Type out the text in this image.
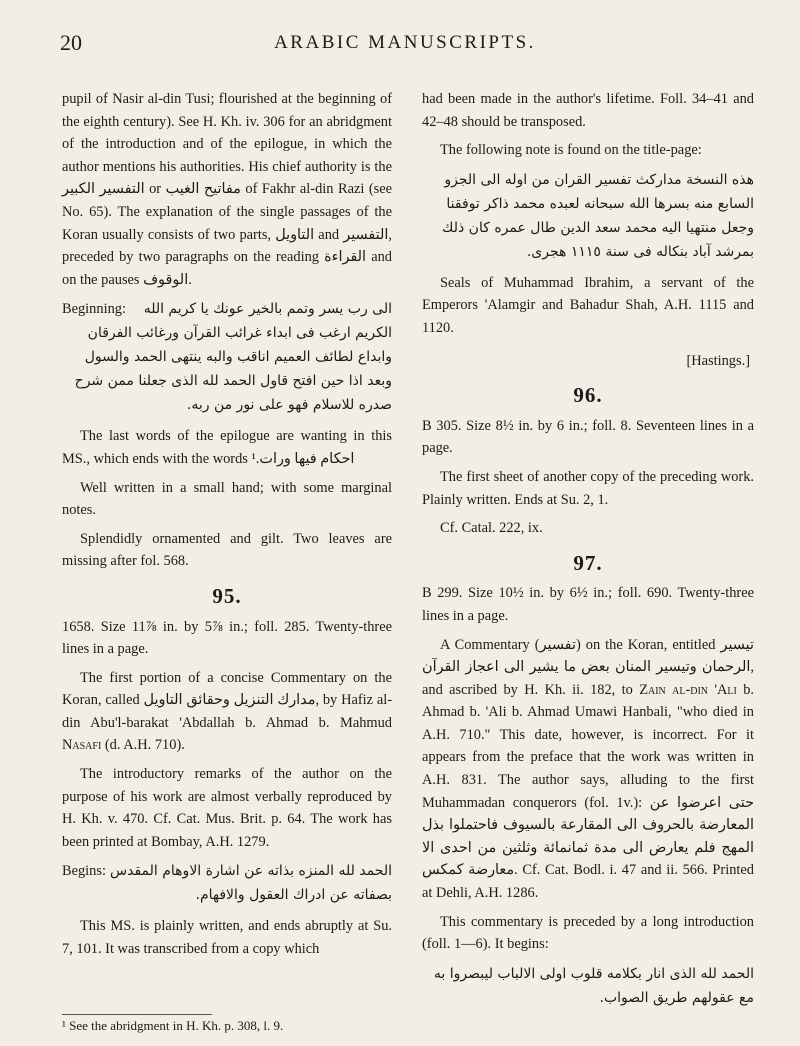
20	ARABIC MANUSCRIPTS.

pupil of Nasir al-din Tusi; flourished at the beginning of the eighth century). See H. Kh. iv. 306 for an abridgment of the introduction and of the epilogue, in which the author mentions his authorities. His chief authority is the التفسير الكبير or مفاتيح الغيب of Fakhr al-din Razi (see No. 65). The explanation of the single passages of the Koran usually consists of two parts, التاويل and التفسير, preceded by two paragraphs on the reading القراءة and on the pauses الوقوف.

Beginning: الى رب يسر وتمم بالخير عونك يا كريم الله الكريم ارغب فى ابداء غرائب القرآن ورغائب الفرقان وابداع لطائف العميم اناقب والبه ينتهى الحمد والسول وبعد اذا حين افتح قاول الحمد لله الذى جعلنا ممن شرح صدره للاسلام فهو على نور من ربه.

The last words of the epilogue are wanting in this MS., which ends with the words احكام فيها ورات.¹

Well written in a small hand; with some marginal notes.

Splendidly ornamented and gilt. Two leaves are missing after fol. 568.

95.

1658. Size 11⅞ in. by 5⅞ in.; foll. 285. Twenty-three lines in a page.

The first portion of a concise Commentary on the Koran, called مدارك التنزيل وحقائق التاويل, by Hafiz al-din Abu'l-barakat 'Abdallah b. Ahmad b. Mahmud Nasafi (d. A.H. 710).

The introductory remarks of the author on the purpose of his work are almost verbally reproduced by H. Kh. v. 470. Cf. Cat. Mus. Brit. p. 64. The work has been printed at Bombay, A.H. 1279.

Begins: الحمد لله المنزه بذاته عن اشارة الاوهام المقدس بصفاته عن ادراك العقول والافهام.

This MS. is plainly written, and ends abruptly at Su. 7, 101. It was transcribed from a copy which

¹ See the abridgment in H. Kh. p. 308, l. 9.

had been made in the author's lifetime. Foll. 34–41 and 42–48 should be transposed.

The following note is found on the title-page:

هذه النسخة مداركث تفسير القران من اوله الى الجزو السابع منه بسرها الله سبحانه لعبده محمد ذاكر توفقنا وجعل منتهيا اليه محمد سعد الدين طال عمره كان ذلك بمرشد آباد بنكاله فى سنة ١١١٥ هجرى.

Seals of Muhammad Ibrahim, a servant of the Emperors 'Alamgir and Bahadur Shah, A.H. 1115 and 1120.

[Hastings.]
96.

B 305. Size 8½ in. by 6 in.; foll. 8. Seventeen lines in a page.

The first sheet of another copy of the preceding work. Plainly written. Ends at Su. 2, 1.

Cf. Catal. 222, ix.

97.

B 299. Size 10½ in. by 6½ in.; foll. 690. Twenty-three lines in a page.

A Commentary (تفسير) on the Koran, entitled تيسير الرحمان وتيسير المنان بعض ما يشير الى اعجاز القرآن, and ascribed by H. Kh. ii. 182, to Zain al-din 'Ali b. Ahmad b. 'Ali b. Ahmad Umawi Hanbali, "who died in A.H. 710." This date, however, is incorrect. For it appears from the preface that the work was written in A.H. 831. The author says, alluding to the first Muhammadan conquerors (fol. 1v.): حتى اعرضوا عن المعارضة بالحروف الى المقارعة بالسيوف فاحتملوا بذل المهج فلم يعارض الى مدة ثمانمائة وثلثين من احدى الا معارضة كمكس. Cf. Cat. Bodl. i. 47 and ii. 566. Printed at Dehli, A.H. 1286.

This commentary is preceded by a long introduction (foll. 1—6). It begins:

الحمد لله الذى انار بكلامه قلوب اولى الالباب ليبصروا به مع عقولهم طريق الصواب.
